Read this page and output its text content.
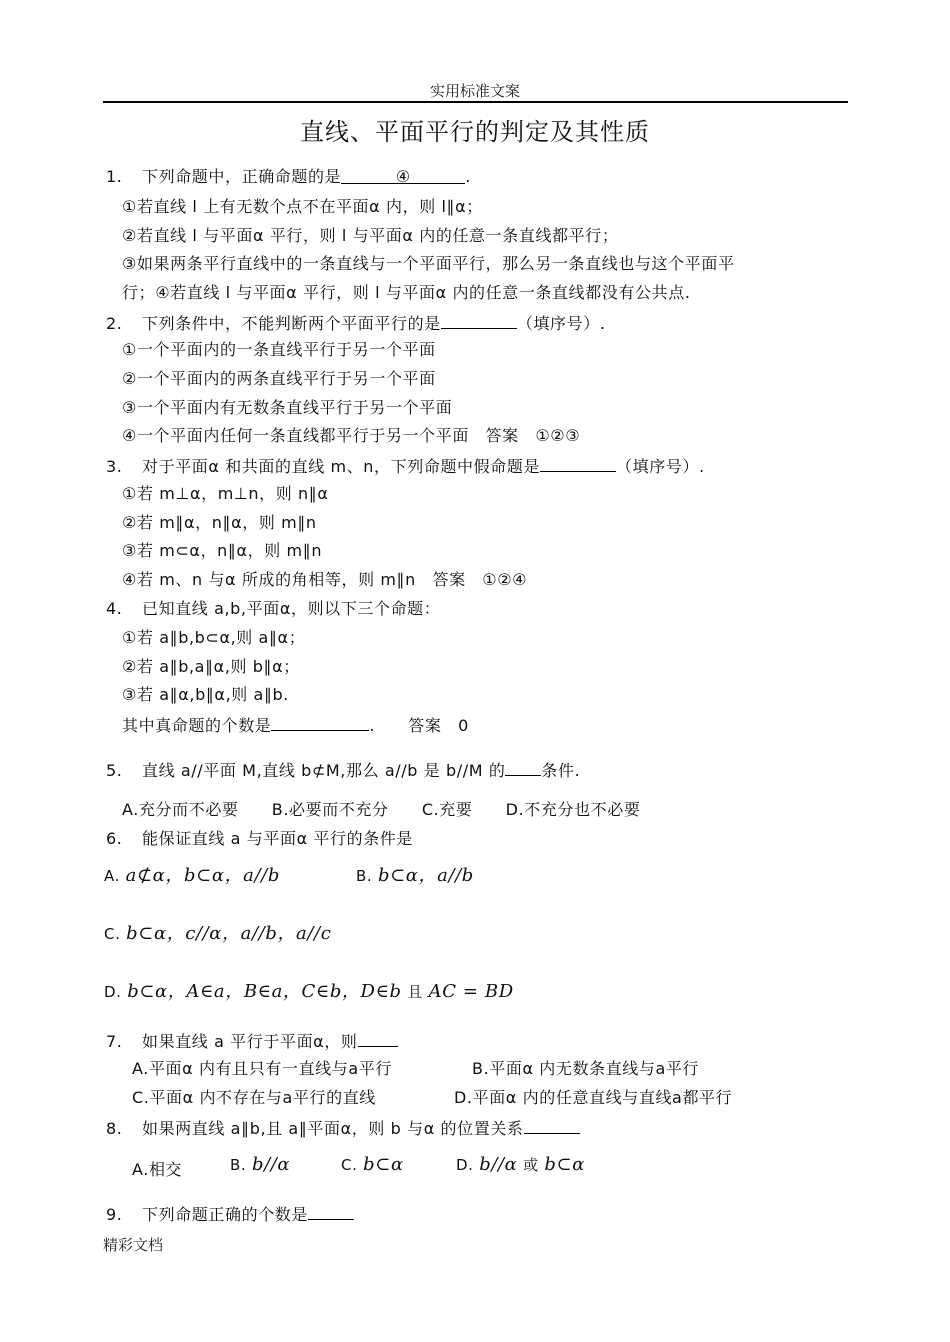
实用标准文案
直线、平面平行的判定及其性质
1. 下列命题中，正确命题的是	④	.
①若直线 l 上有无数个点不在平面α 内，则 l∥α；
②若直线 l 与平面α 平行，则 l 与平面α 内的任意一条直线都平行；
③如果两条平行直线中的一条直线与一个平面平行，那么另一条直线也与这个平面平
行；④若直线 l 与平面α 平行，则 l 与平面α 内的任意一条直线都没有公共点.
2. 下列条件中，不能判断两个平面平行的是	（填序号）.
①一个平面内的一条直线平行于另一个平面
②一个平面内的两条直线平行于另一个平面
③一个平面内有无数条直线平行于另一个平面
④一个平面内任何一条直线都平行于另一个平面　答案　①②③
3. 对于平面α 和共面的直线 m、n，下列命题中假命题是	（填序号）.
①若 m⊥α，m⊥n，则 n∥α
②若 m∥α，n∥α，则 m∥n
③若 m⊂α，n∥α，则 m∥n
④若 m、n 与α 所成的角相等，则 m∥n　答案　①②④
4. 已知直线 a,b,平面α，则以下三个命题：
①若 a∥b,b⊂α,则 a∥α；
②若 a∥b,a∥α,则 b∥α；
③若 a∥α,b∥α,则 a∥b.
其中真命题的个数是	.　　答案　0
5. 直线 a//平面 M,直线 b⊄M,那么 a//b 是 b//M 的 条件.
A.充分而不必要　　B.必要而不充分　　C.充要　　D.不充分也不必要
6. 能保证直线 a 与平面α 平行的条件是
A. a⊄α，b⊂α，a//b	B. b⊂α，a//b
C. b⊂α，c//α，a//b，a//c
D. b⊂α，A∈a，B∈a，C∈b，D∈b 且 AC = BD
7. 如果直线 a 平行于平面α，则
A.平面α 内有且只有一直线与a平行	B.平面α 内无数条直线与a平行
C.平面α 内不存在与a平行的直线	D.平面α 内的任意直线与直线a都平行
8. 如果两直线 a∥b,且 a∥平面α，则 b 与α 的位置关系
A.相交	B. b//α	C. b⊂α	D. b//α 或 b⊂α
9. 下列命题正确的个数是
精彩文档
